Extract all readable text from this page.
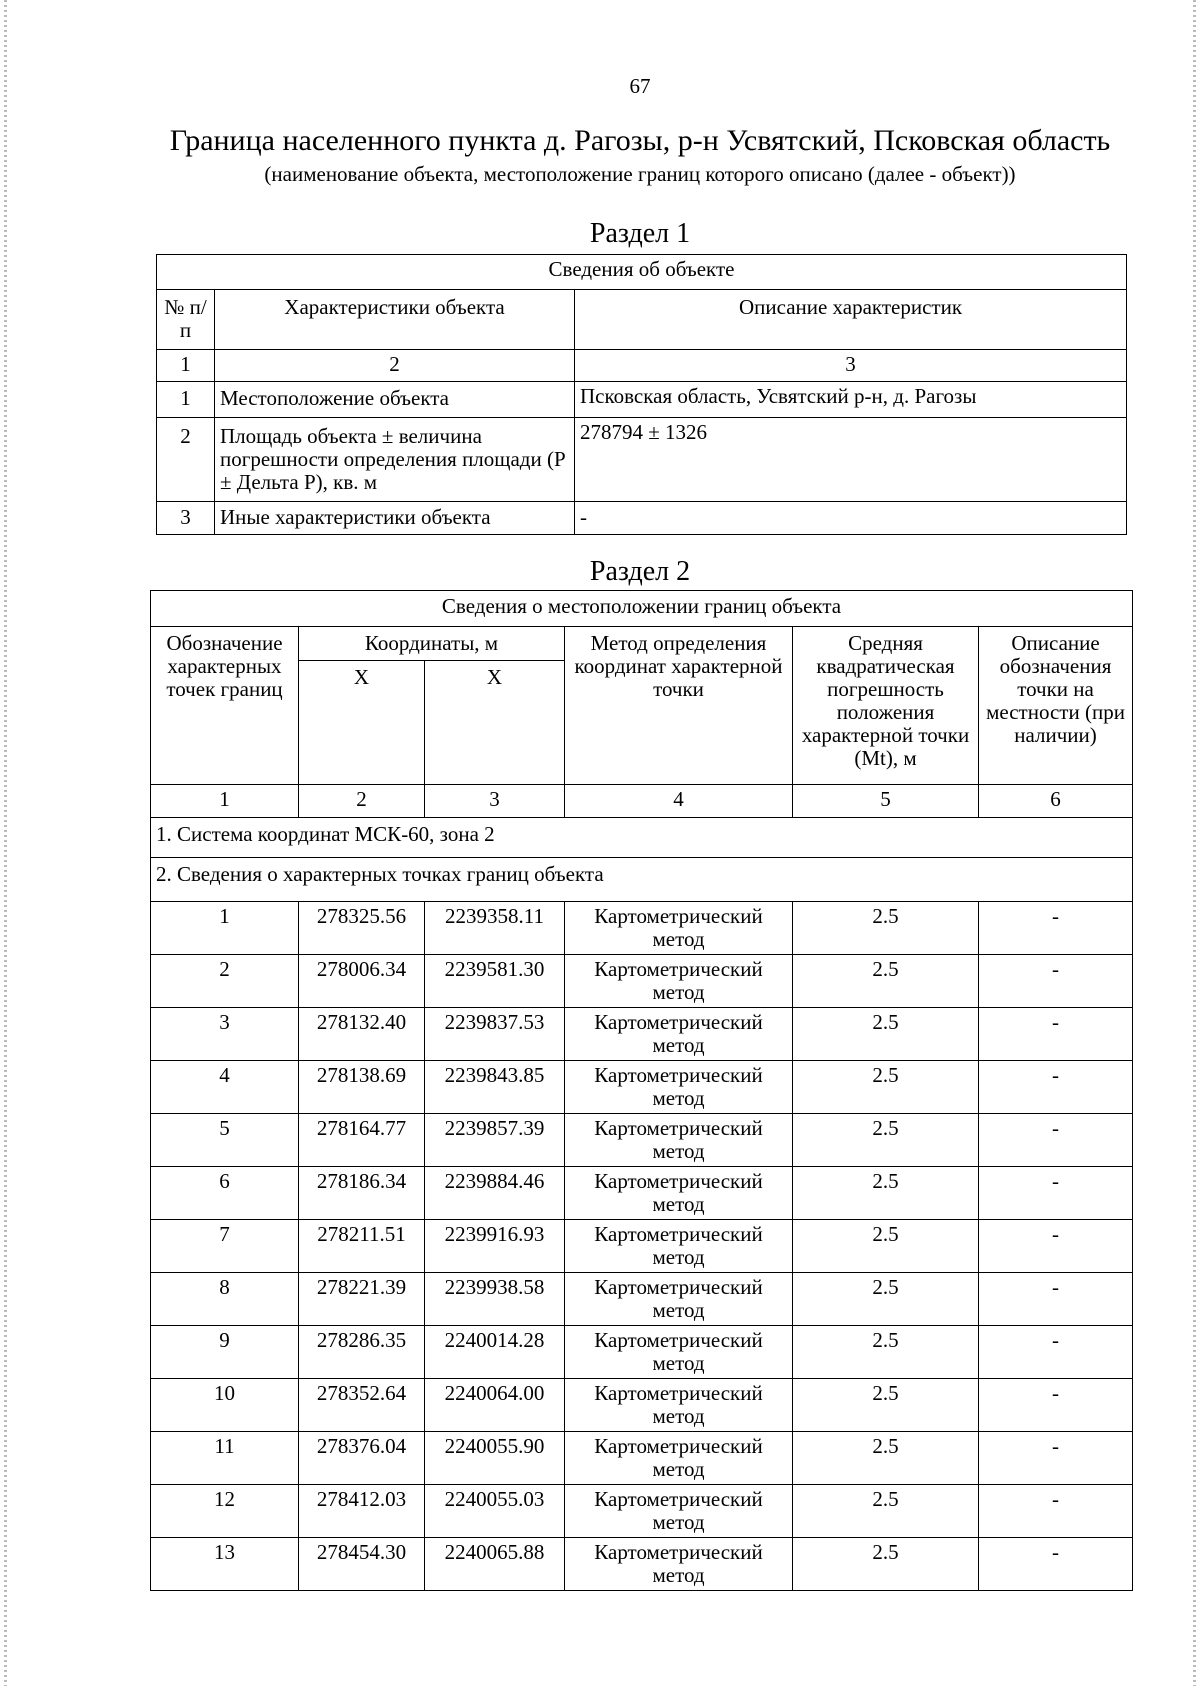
67
Граница населенного пункта д. Рагозы, р-н Усвятский, Псковская область
(наименование объекта, местоположение границ которого описано (далее - объект))
Раздел 1
Сведения об объекте		
№ п/п	Характеристики объекта	Описание характеристик
1	2	3
1	Местоположение объекта	Псковская область, Усвятский р-н, д. Рагозы
2	Площадь объекта ± величина погрешности определения площади (Р ± Дельта Р), кв. м	278794 ± 1326
3	Иные характеристики объекта	-
Раздел 2
Сведения о местоположении границ объекта					
Обозначение характерных точек границ	Координаты, м		Метод определения координат характерной точки	Средняя квадратическая погрешность положения характерной точки (Mt), м	Описание обозначения точки на местности (при наличии)
	X	X			
1	2	3	4	5	6
1. Система координат МСК-60, зона 2					
2. Сведения о характерных точках границ объекта					
1	278325.56	2239358.11	Картометрический метод	2.5	-
2	278006.34	2239581.30	Картометрический метод	2.5	-
3	278132.40	2239837.53	Картометрический метод	2.5	-
4	278138.69	2239843.85	Картометрический метод	2.5	-
5	278164.77	2239857.39	Картометрический метод	2.5	-
6	278186.34	2239884.46	Картометрический метод	2.5	-
7	278211.51	2239916.93	Картометрический метод	2.5	-
8	278221.39	2239938.58	Картометрический метод	2.5	-
9	278286.35	2240014.28	Картометрический метод	2.5	-
10	278352.64	2240064.00	Картометрический метод	2.5	-
11	278376.04	2240055.90	Картометрический метод	2.5	-
12	278412.03	2240055.03	Картометрический метод	2.5	-
13	278454.30	2240065.88	Картометрический метод	2.5	-
